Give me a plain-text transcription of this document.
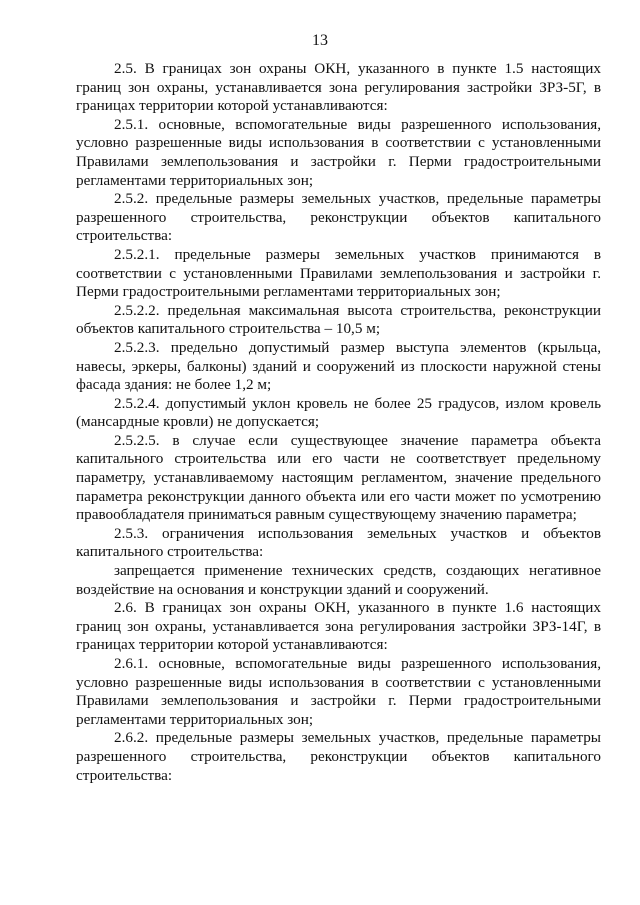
13

2.5. В границах зон охраны ОКН, указанного в пункте 1.5 настоящих границ зон охраны, устанавливается зона регулирования застройки ЗРЗ-5Г, в границах территории которой устанавливаются:

2.5.1. основные, вспомогательные виды разрешенного использования, условно разрешенные виды использования в соответствии с установленными Правилами землепользования и застройки г. Перми градостроительными регламентами территориальных зон;

2.5.2. предельные размеры земельных участков, предельные параметры разрешенного строительства, реконструкции объектов капитального строительства:

2.5.2.1. предельные размеры земельных участков принимаются в соответствии с установленными Правилами землепользования и застройки г. Перми градостроительными регламентами территориальных зон;

2.5.2.2. предельная максимальная высота строительства, реконструкции объектов капитального строительства – 10,5 м;

2.5.2.3. предельно допустимый размер выступа элементов (крыльца, навесы, эркеры, балконы) зданий и сооружений из плоскости наружной стены фасада здания: не более 1,2 м;

2.5.2.4. допустимый уклон кровель не более 25 градусов, излом кровель (мансардные кровли) не допускается;

2.5.2.5. в случае если существующее значение параметра объекта капитального строительства или его части не соответствует предельному параметру, устанавливаемому настоящим регламентом, значение предельного параметра реконструкции данного объекта или его части может по усмотрению правообладателя приниматься равным существующему значению параметра;

2.5.3. ограничения использования земельных участков и объектов капитального строительства:

запрещается применение технических средств, создающих негативное воздействие на основания и конструкции зданий и сооружений.

2.6. В границах зон охраны ОКН, указанного в пункте 1.6 настоящих границ зон охраны, устанавливается зона регулирования застройки ЗРЗ-14Г, в границах территории которой устанавливаются:

2.6.1. основные, вспомогательные виды разрешенного использования, условно разрешенные виды использования в соответствии с установленными Правилами землепользования и застройки г. Перми градостроительными регламентами территориальных зон;

2.6.2. предельные размеры земельных участков, предельные параметры разрешенного строительства, реконструкции объектов капитального строительства:
